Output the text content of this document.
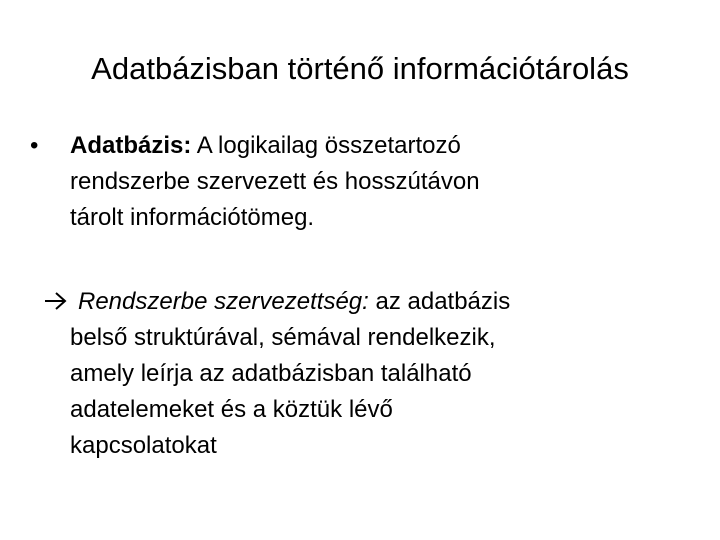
Adatbázisban történő információtárolás
•	Adatbázis: A logikailag összetartozó
rendszerbe szervezett és hosszútávon
tárolt információtömeg.
Rendszerbe szervezettség: az adatbázis
belső struktúrával, sémával rendelkezik,
amely leírja az adatbázisban található
adatelemeket és a köztük lévő
kapcsolatokat
